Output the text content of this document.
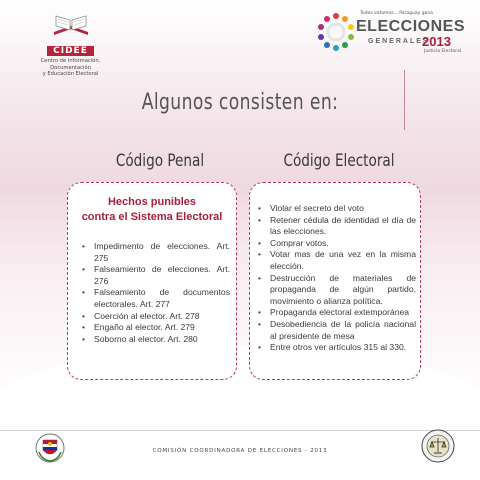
CIDEE
Centro de Información,
Documentación
y Educación Electoral
Todos votamos... Paraguay gana
ELECCIONES
GENERALES
2013
Justicia Electoral
Algunos consisten en:
Código Penal	Código Electoral
Hechos punibles
contra el Sistema Electoral
• Impedimento de elecciones. Art. 275
• Falseamiento de elecciones. Art. 276
• Falseamiento de documentos electorales. Art. 277
• Coerción al elector. Art. 278
• Engaño al elector. Art. 279
• Soborno al elector. Art. 280
• Violar el secreto del voto
• Retener cédula de identidad el día de las elecciones.
• Comprar votos.
• Votar mas de una vez en la misma elección.
• Destrucción de materiales de propaganda de algún partido, movimiento o alianza política.
• Propaganda electoral extemporánea
• Desobediencia de la policía nacional al presidente de mesa
• Entre otros ver artículos 315 al 330.
COMISIÓN COORDINADORA DE ELECCIONES - 2013
